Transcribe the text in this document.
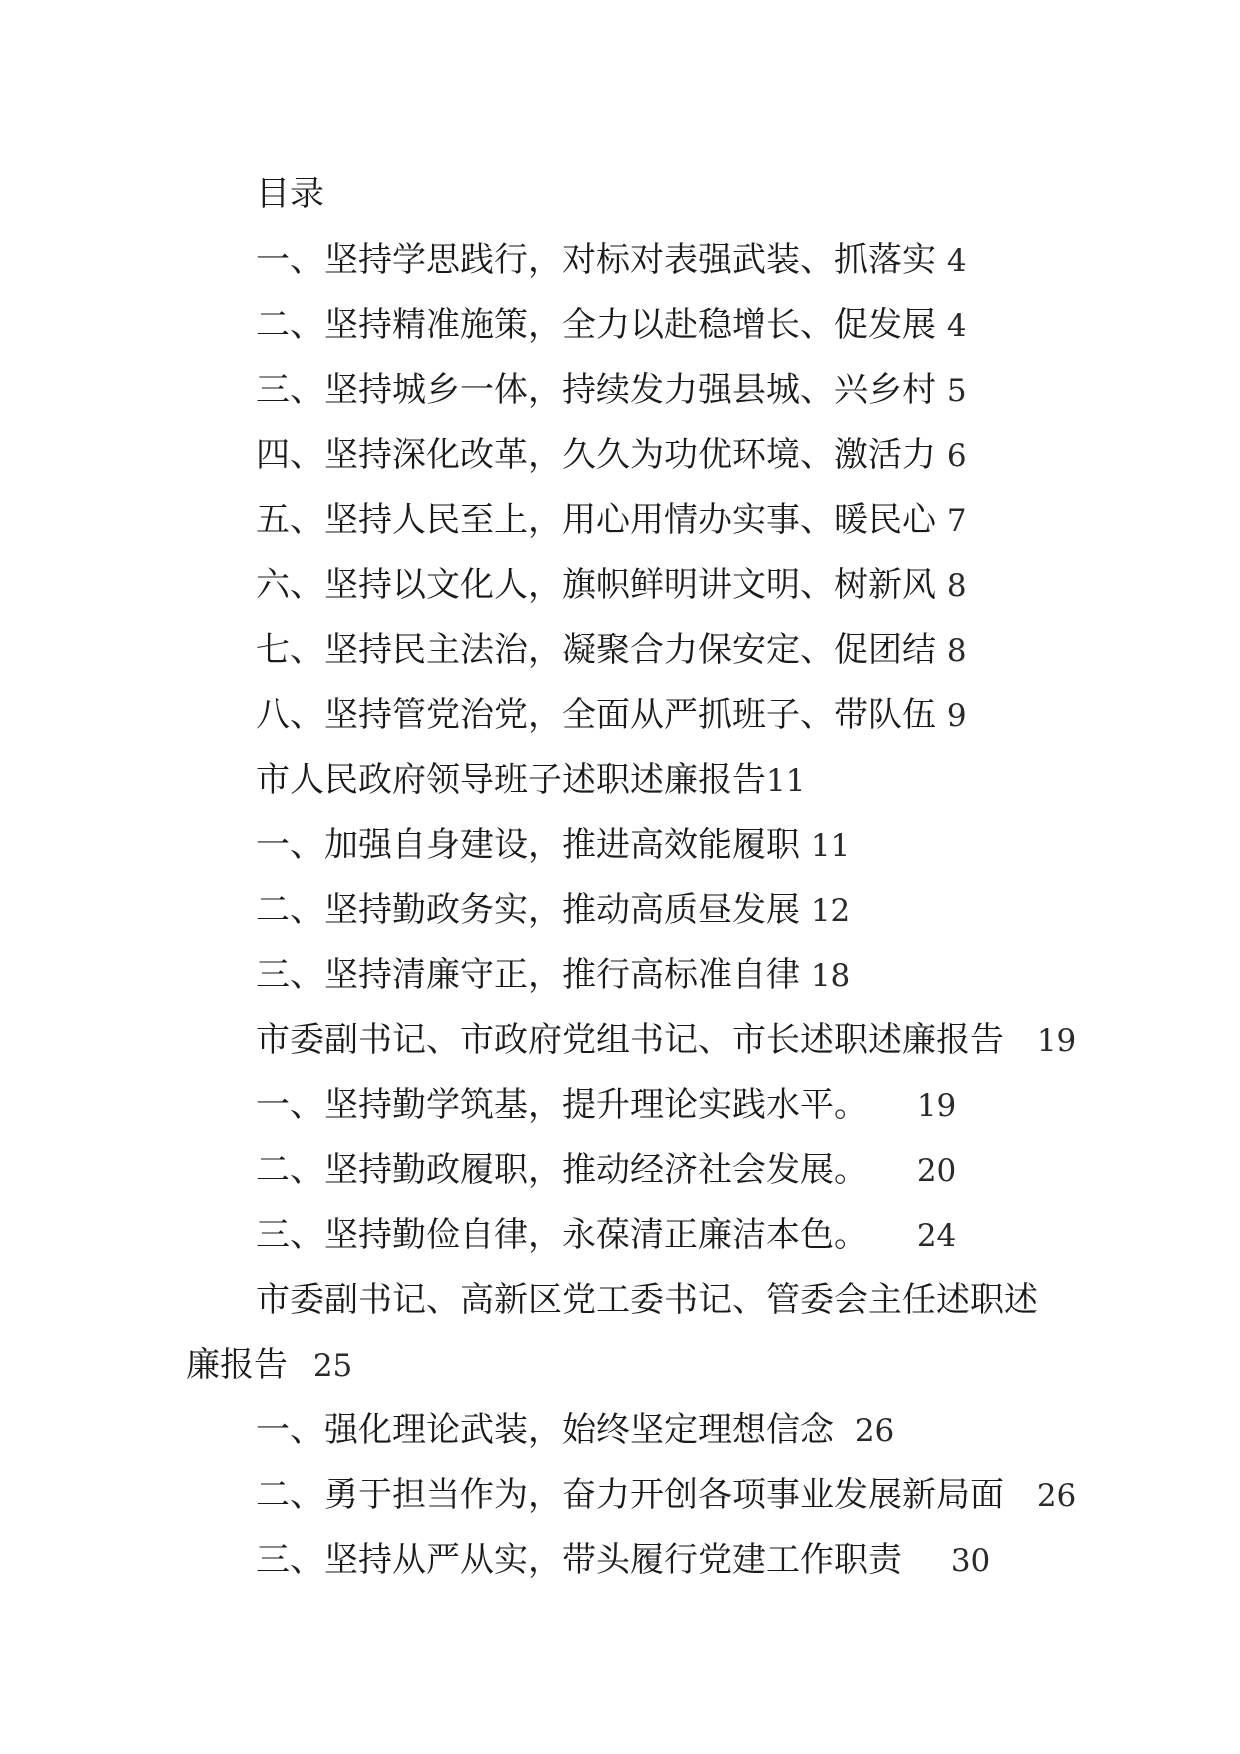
目录
一、坚持学思践行，对标对表强武装、抓落实 4
二、坚持精准施策，全力以赴稳增长、促发展 4
三、坚持城乡一体，持续发力强县城、兴乡村 5
四、坚持深化改革，久久为功优环境、激活力 6
五、坚持人民至上，用心用情办实事、暖民心 7
六、坚持以文化人，旗帜鲜明讲文明、树新风 8
七、坚持民主法治，凝聚合力保安定、促团结 8
八、坚持管党治党，全面从严抓班子、带队伍 9
市人民政府领导班子述职述廉报告11
一、加强自身建设，推进高效能履职 11
二、坚持勤政务实，推动高质昼发展 12
三、坚持清廉守正，推行高标准自律 18
市委副书记、市政府党组书记、市长述职述廉报告 19
一、坚持勤学筑基，提升理论实践水平。 19
二、坚持勤政履职，推动经济社会发展。 20
三、坚持勤俭自律，永葆清正廉洁本色。 24
市委副书记、高新区党工委书记、管委会主任述职述
廉报告 25
一、强化理论武装，始终坚定理想信念 26
二、勇于担当作为，奋力开创各项事业发展新局面 26
三、坚持从严从实，带头履行党建工作职责 30
